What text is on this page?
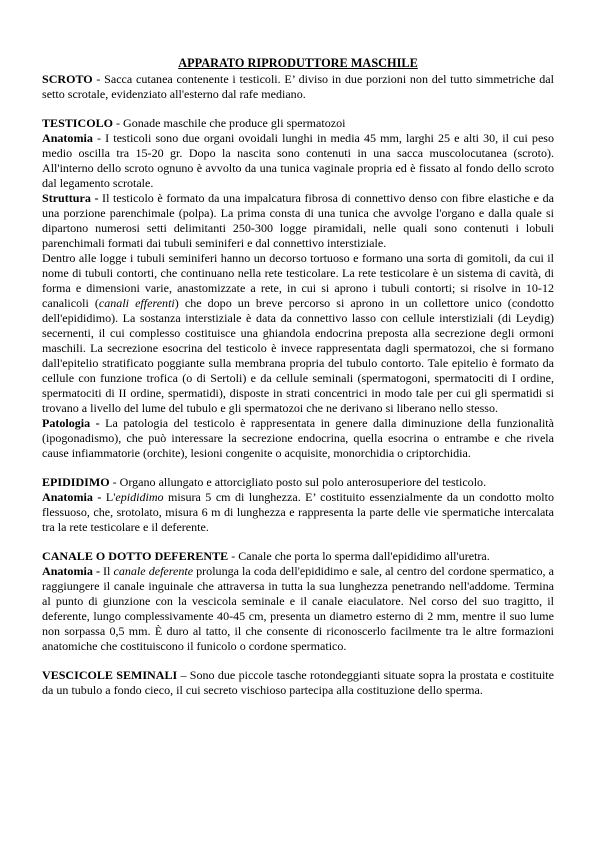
APPARATO RIPRODUTTORE MASCHILE

SCROTO - Sacca cutanea contenente i testicoli. E’ diviso in due porzioni non del tutto simmetriche dal setto scrotale, evidenziato all'esterno dal rafe mediano.

TESTICOLO - Gonade maschile che produce gli spermatozoi

Anatomia - I testicoli sono due organi ovoidali lunghi in media 45 mm, larghi 25 e alti 30, il cui peso medio oscilla tra 15-20 gr. Dopo la nascita sono contenuti in una sacca muscolocutanea (scroto). All'interno dello scroto ognuno è avvolto da una tunica vaginale propria ed è fissato al fondo dello scroto dal legamento scrotale.

Struttura - Il testicolo è formato da una impalcatura fibrosa di connettivo denso con fibre elastiche e da una porzione parenchimale (polpa). La prima consta di una tunica che avvolge l'organo e dalla quale si dipartono numerosi setti delimitanti 250-300 logge piramidali, nelle quali sono contenuti i lobuli parenchimali formati dai tubuli seminiferi e dal connettivo interstiziale.

Dentro alle logge i tubuli seminiferi hanno un decorso tortuoso e formano una sorta di gomitoli, da cui il nome di tubuli contorti, che continuano nella rete testicolare. La rete testicolare è un sistema di cavità, di forma e dimensioni varie, anastomizzate a rete, in cui si aprono i tubuli contorti; si risolve in 10-12 canalicoli (canali efferenti) che dopo un breve percorso si aprono in un collettore unico (condotto dell'epididimo). La sostanza interstiziale è data da connettivo lasso con cellule interstiziali (di Leydig) secernenti, il cui complesso costituisce una ghiandola endocrina preposta alla secrezione degli ormoni maschili. La secrezione esocrina del testicolo è invece rappresentata dagli spermatozoi, che si formano dall'epitelio stratificato poggiante sulla membrana propria del tubulo contorto. Tale epitelio è formato da cellule con funzione trofica (o di Sertoli) e da cellule seminali (spermatogoni, spermatociti di I ordine, spermatociti di II ordine, spermatidi), disposte in strati concentrici in modo tale per cui gli spermatidi si trovano a livello del lume del tubulo e gli spermatozoi che ne derivano si liberano nello stesso.

Patologia - La patologia del testicolo è rappresentata in genere dalla diminuzione della funzionalità (ipogonadismo), che può interessare la secrezione endocrina, quella esocrina o entrambe e che rivela cause infiammatorie (orchite), lesioni congenite o acquisite, monorchidia o criptorchidia.

EPIDIDIMO - Organo allungato e attorcigliato posto sul polo anterosuperiore del testicolo.

Anatomia - L'epididimo misura 5 cm di lunghezza. E’ costituito essenzialmente da un condotto molto flessuoso, che, srotolato, misura 6 m di lunghezza e rappresenta la parte delle vie spermatiche intercalata tra la rete testicolare e il deferente.

CANALE O DOTTO DEFERENTE - Canale che porta lo sperma dall'epididimo all'uretra.

Anatomia - Il canale deferente prolunga la coda dell'epididimo e sale, al centro del cordone spermatico, a raggiungere il canale inguinale che attraversa in tutta la sua lunghezza penetrando nell'addome. Termina al punto di giunzione con la vescicola seminale e il canale eiaculatore. Nel corso del suo tragitto, il deferente, lungo complessivamente 40-45 cm, presenta un diametro esterno di 2 mm, mentre il suo lume non sorpassa 0,5 mm. È duro al tatto, il che consente di riconoscerlo facilmente tra le altre formazioni anatomiche che costituiscono il funicolo o cordone spermatico.

VESCICOLE SEMINALI – Sono due piccole tasche rotondeggianti situate sopra la prostata e costituite da un tubulo a fondo cieco, il cui secreto vischioso partecipa alla costituzione dello sperma.
